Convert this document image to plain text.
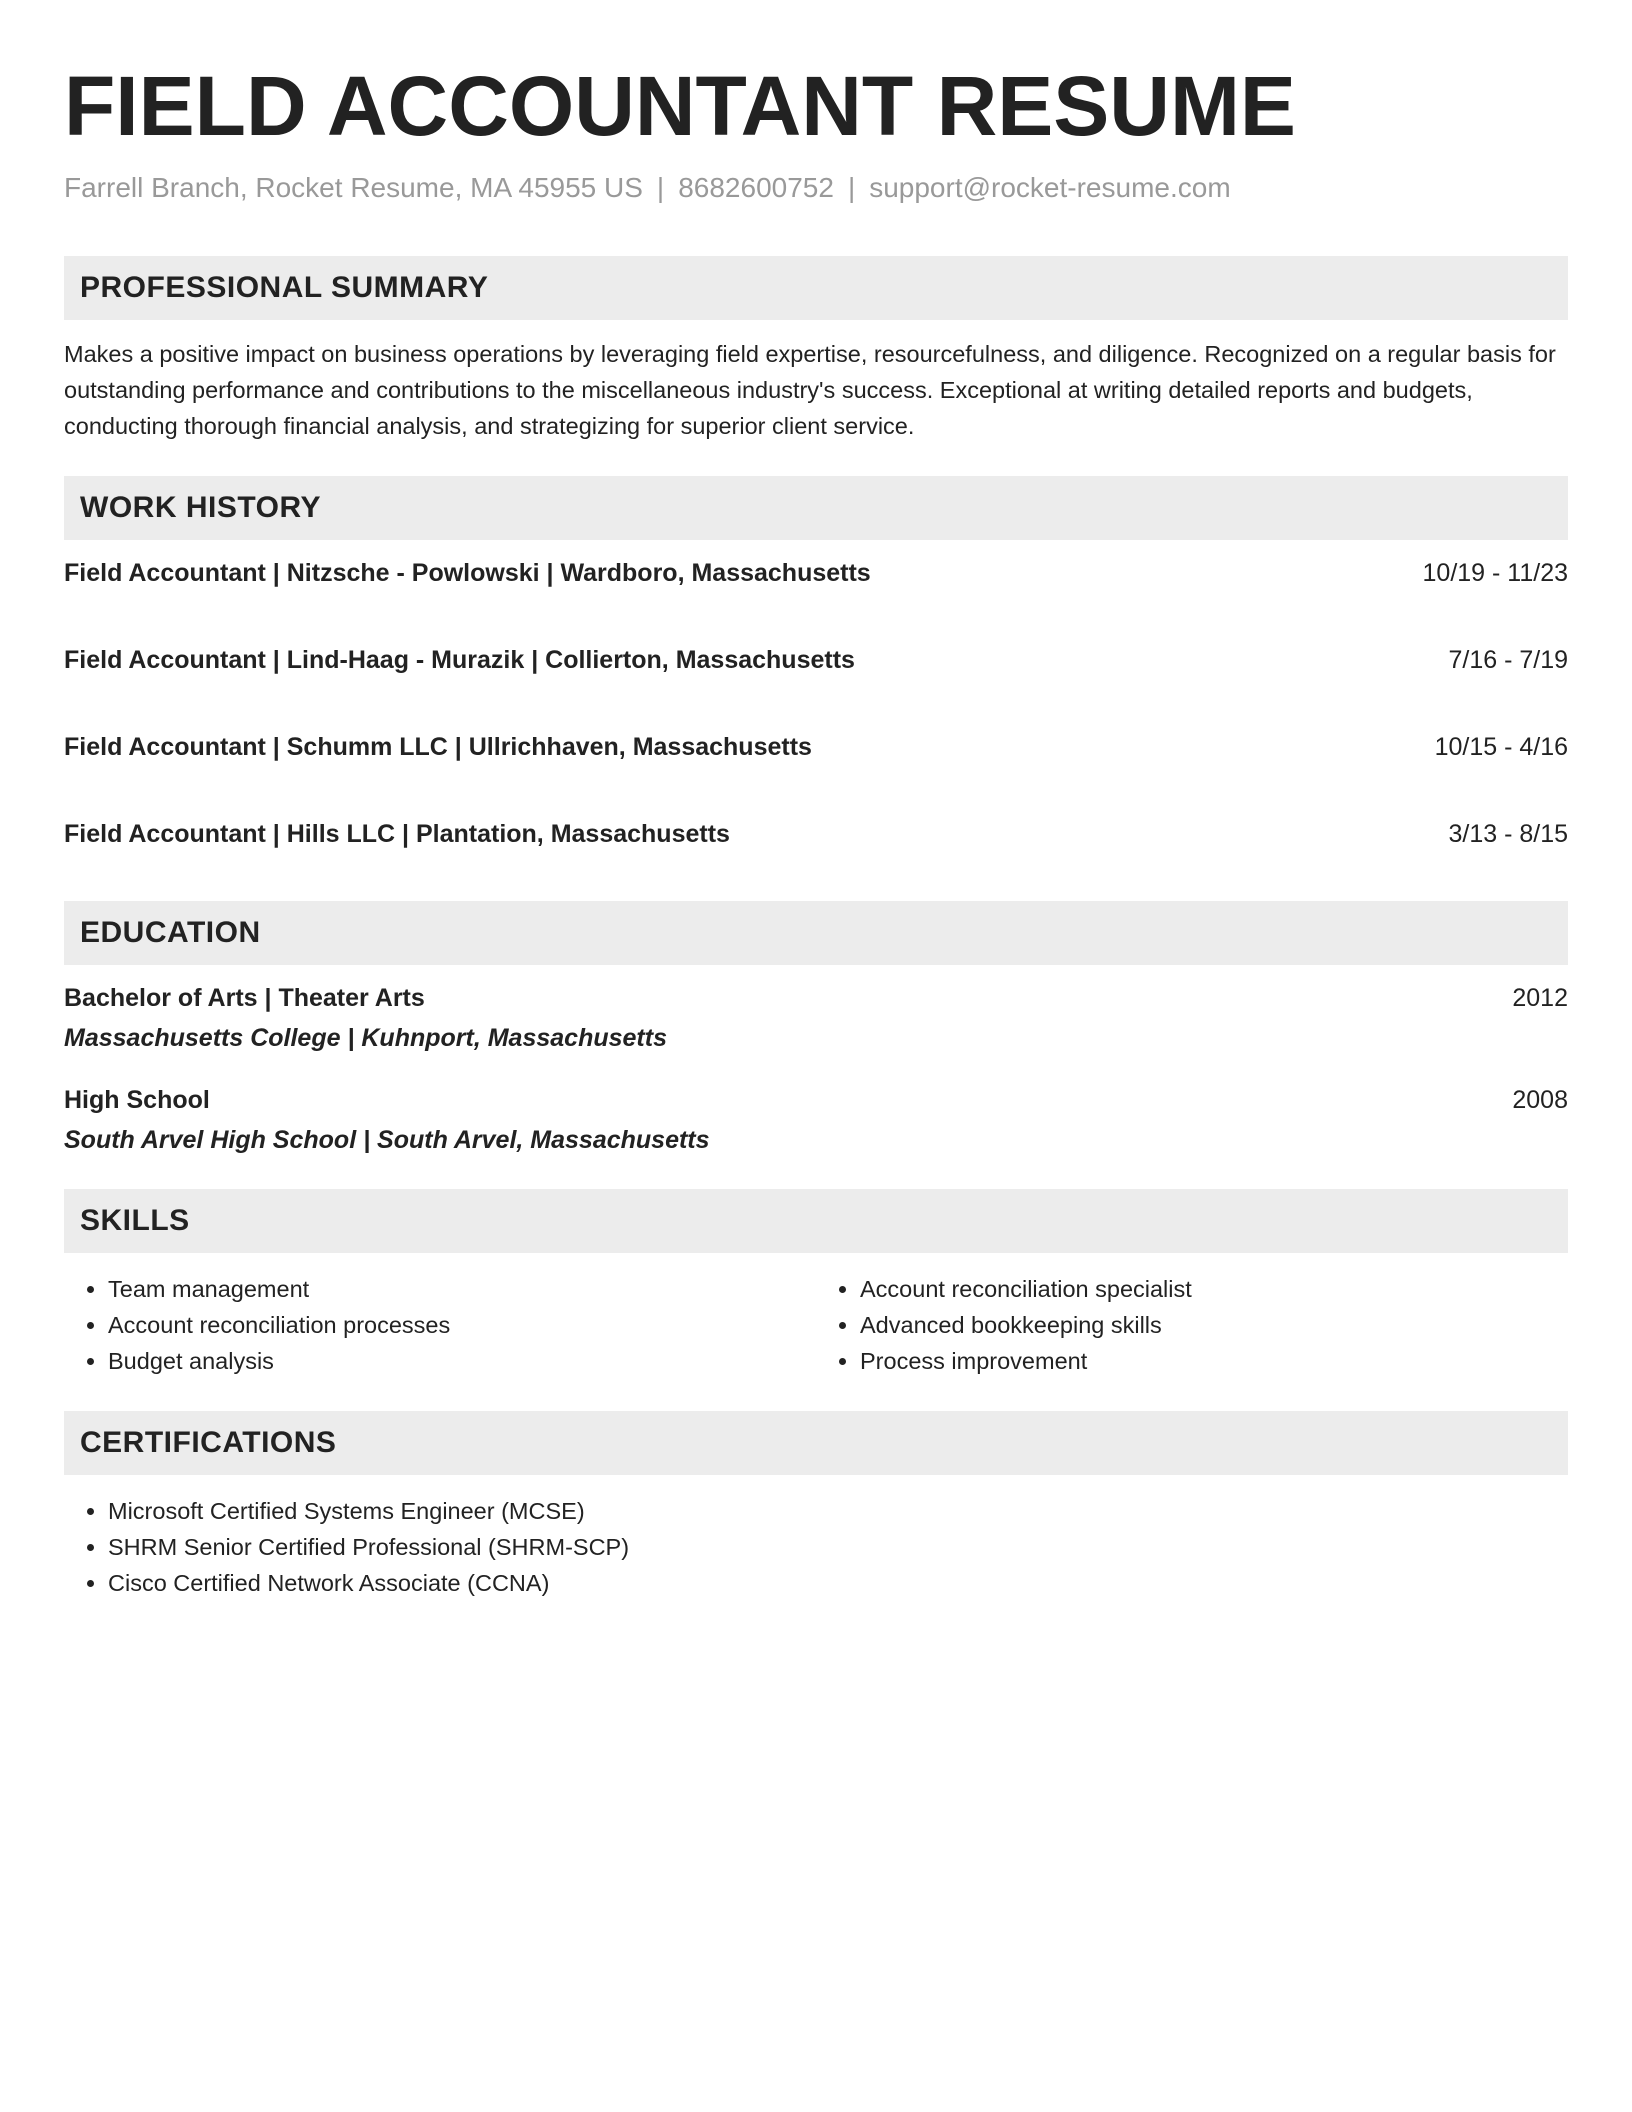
FIELD ACCOUNTANT RESUME
Farrell Branch, Rocket Resume, MA 45955 US | 8682600752 | support@rocket-resume.com
PROFESSIONAL SUMMARY
Makes a positive impact on business operations by leveraging field expertise, resourcefulness, and diligence. Recognized on a regular basis for outstanding performance and contributions to the miscellaneous industry's success. Exceptional at writing detailed reports and budgets, conducting thorough financial analysis, and strategizing for superior client service.
WORK HISTORY
Field Accountant | Nitzsche - Powlowski | Wardboro, Massachusetts	10/19 - 11/23
Field Accountant | Lind-Haag - Murazik | Collierton, Massachusetts	7/16 - 7/19
Field Accountant | Schumm LLC | Ullrichhaven, Massachusetts	10/15 - 4/16
Field Accountant | Hills LLC | Plantation, Massachusetts	3/13 - 8/15
EDUCATION
Bachelor of Arts | Theater Arts	2012
Massachusetts College | Kuhnport, Massachusetts
High School	2008
South Arvel High School | South Arvel, Massachusetts
SKILLS
• Team management
• Account reconciliation processes
• Budget analysis
• Account reconciliation specialist
• Advanced bookkeeping skills
• Process improvement
CERTIFICATIONS
• Microsoft Certified Systems Engineer (MCSE)
• SHRM Senior Certified Professional (SHRM-SCP)
• Cisco Certified Network Associate (CCNA)
